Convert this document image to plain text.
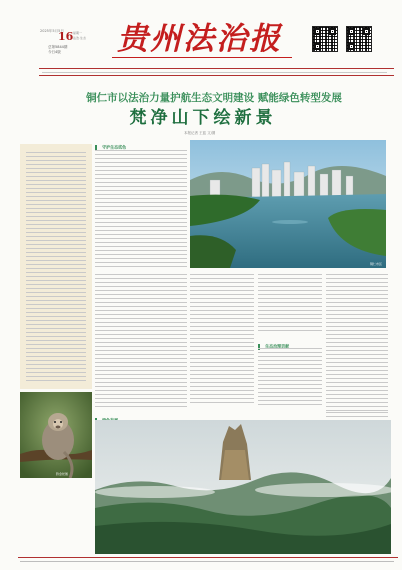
2025年5月5日
16 星期一
法治·生态
总第5844期
今日4版 贵州法治报
铜仁市以法治力量护航生态文明建设 赋能绿色转型发展
梵净山下绘新景
本报记者 王蓝 文/图
黔金丝猴
守护生态底色
铜仁市区
生态治理贡献
